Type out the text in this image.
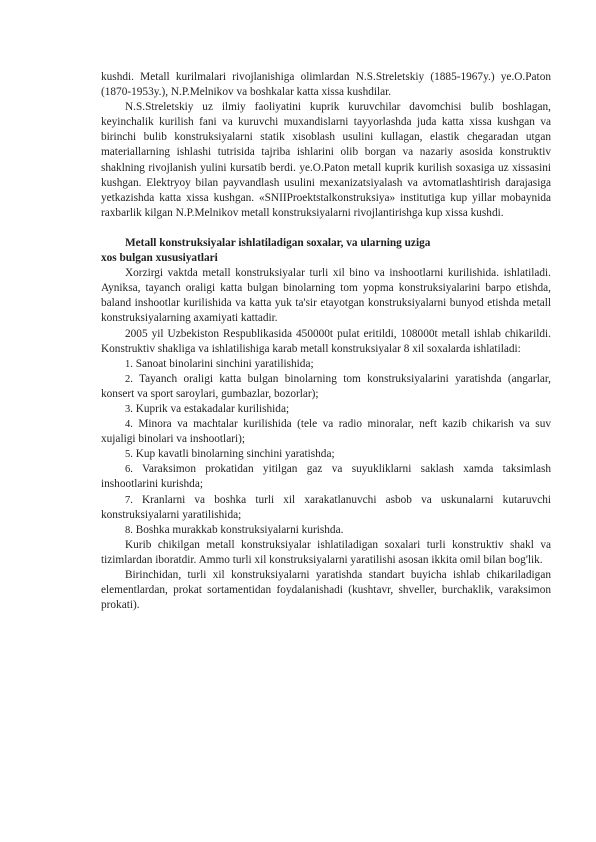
kushdi. Metall kurilmalari rivojlanishiga olimlardan N.S.Streletskiy (1885-1967y.) ye.O.Paton (1870-1953y.), N.P.Melnikov va boshkalar katta xissa kushdilar.

N.S.Streletskiy uz ilmiy faoliyatini kuprik kuruvchilar davomchisi bulib boshlagan, keyinchalik kurilish fani va kuruvchi muxandislarni tayyorlashda juda katta xissa kushgan va birinchi bulib konstruksiyalarni statik xisoblash usulini kullagan, elastik chegaradan utgan materiallarning ishlashi tutrisida tajriba ishlarini olib borgan va nazariy asosida konstruktiv shaklning rivojlanish yulini kursatib berdi. ye.O.Paton metall kuprik kurilish soxasiga uz xissasini kushgan. Elektryoy bilan payvandlash usulini mexanizatsiyalash va avtomatlashtirish darajasiga yetkazishda katta xissa kushgan. «SNIIProektstalkonstruksiya» institutiga kup yillar mobaynida raxbarlik kilgan N.P.Melnikov metall konstruksiyalarni rivojlantirishga kup xissa kushdi.

Metall konstruksiyalar ishlatiladigan soxalar, va ularning uziga
xos bulgan xususiyatlari

Xorzirgi vaktda metall konstruksiyalar turli xil bino va inshootlarni kurilishida. ishlatiladi. Ayniksa, tayanch oraligi katta bulgan binolarning tom yopma konstruksiyalarini barpo etishda, baland inshootlar kurilishida va katta yuk ta'sir etayotgan konstruksiyalarni bunyod etishda metall konstruksiyalarning axamiyati kattadir.

2005 yil Uzbekiston Respublikasida 450000t pulat eritildi, 108000t metall ishlab chikarildi. Konstruktiv shakliga va ishlatilishiga karab metall konstruksiyalar 8 xil soxalarda ishlatiladi:

1. Sanoat binolarini sinchini yaratilishida;

2. Tayanch oraligi katta bulgan binolarning tom konstruksiyalarini yaratishda (angarlar, konsert va sport saroylari, gumbazlar, bozorlar);

3. Kuprik va estakadalar kurilishida;

4. Minora va machtalar kurilishida (tele va radio minoralar, neft kazib chikarish va suv xujaligi binolari va inshootlari);

5. Kup kavatli binolarning sinchini yaratishda;

6. Varaksimon prokatidan yitilgan gaz va suyukliklarni saklash xamda taksimlash inshootlarini kurishda;

7. Kranlarni va boshka turli xil xarakatlanuvchi asbob va uskunalarni kutaruvchi konstruksiyalarni yaratilishida;

8. Boshka murakkab konstruksiyalarni kurishda.

Kurib chikilgan metall konstruksiyalar ishlatiladigan soxalari turli konstruktiv shakl va tizimlardan iboratdir. Ammo turli xil konstruksiyalarni yaratilishi asosan ikkita omil bilan bog'lik.

Birinchidan, turli xil konstruksiyalarni yaratishda standart buyicha ishlab chikariladigan elementlardan, prokat sortamentidan foydalanishadi (kushtavr, shveller, burchaklik, varaksimon prokati).
